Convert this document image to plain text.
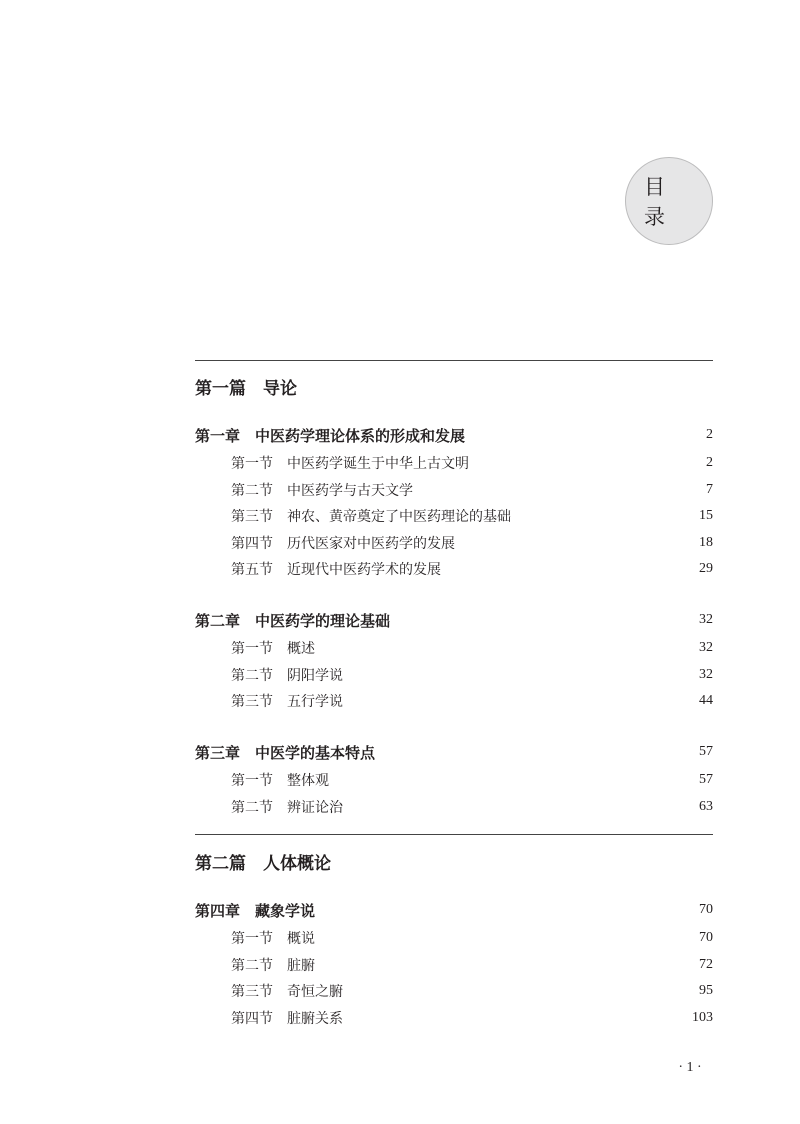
目录
第一篇　导论
第一章　中医药学理论体系的形成和发展	2
第一节　中医药学诞生于中华上古文明	2
第二节　中医药学与古天文学	7
第三节　神农、黄帝奠定了中医药理论的基础	15
第四节　历代医家对中医药学的发展	18
第五节　近现代中医药学术的发展	29
第二章　中医药学的理论基础	32
第一节　概述	32
第二节　阴阳学说	32
第三节　五行学说	44
第三章　中医学的基本特点	57
第一节　整体观	57
第二节　辨证论治	63
第二篇　人体概论
第四章　藏象学说	70
第一节　概说	70
第二节　脏腑	72
第三节　奇恒之腑	95
第四节　脏腑关系	103
· 1 ·
